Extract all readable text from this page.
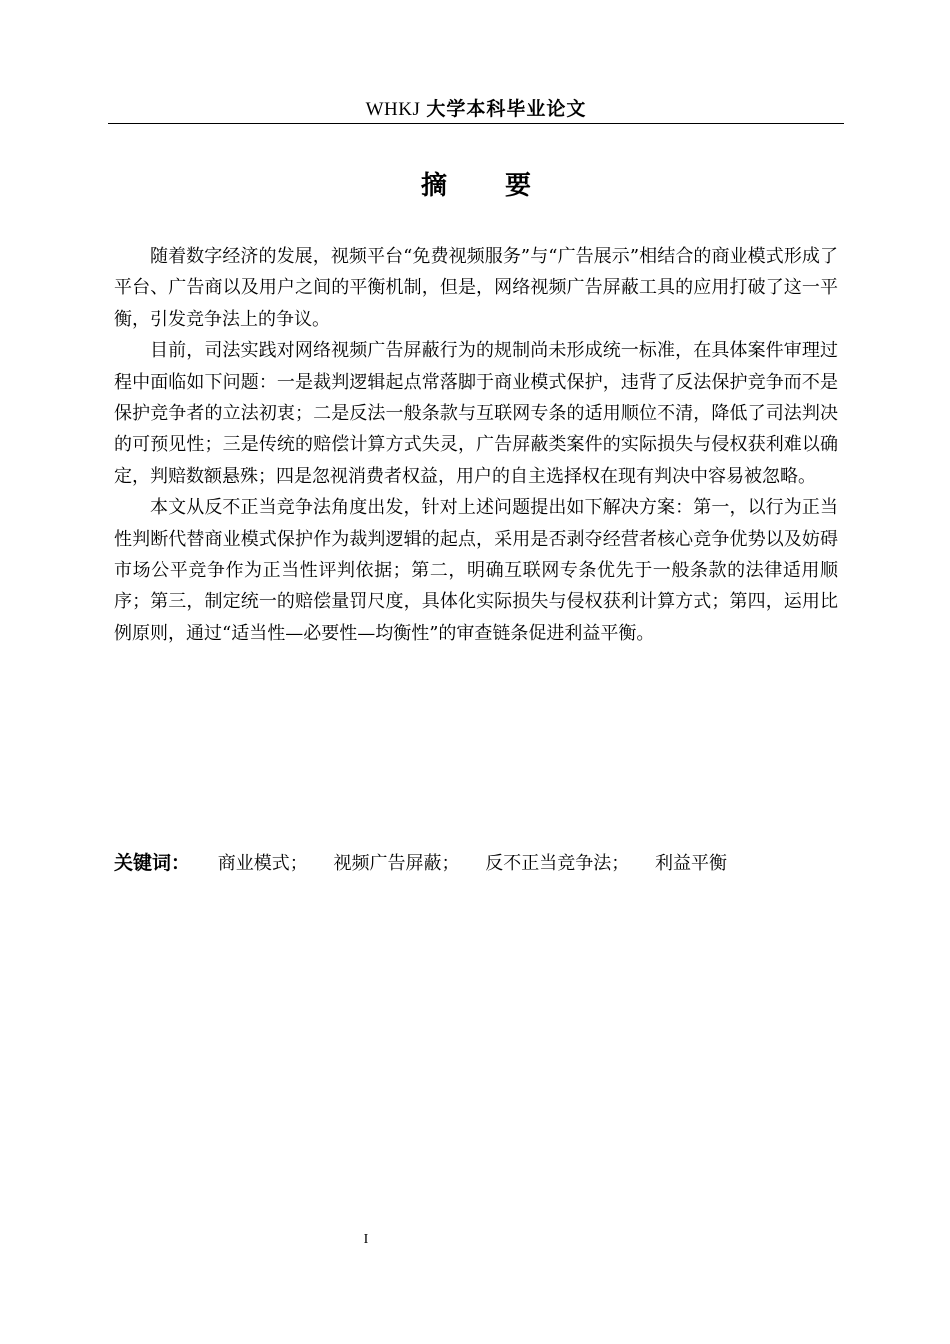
WHKJ 大学本科毕业论文
摘要

随着数字经济的发展，视频平台“免费视频服务”与“广告展示”相结合的商业模式形成了平台、广告商以及用户之间的平衡机制，但是，网络视频广告屏蔽工具的应用打破了这一平衡，引发竞争法上的争议。

目前，司法实践对网络视频广告屏蔽行为的规制尚未形成统一标准，在具体案件审理过程中面临如下问题：一是裁判逻辑起点常落脚于商业模式保护，违背了反法保护竞争而不是保护竞争者的立法初衷；二是反法一般条款与互联网专条的适用顺位不清，降低了司法判决的可预见性；三是传统的赔偿计算方式失灵，广告屏蔽类案件的实际损失与侵权获利难以确定，判赔数额悬殊；四是忽视消费者权益，用户的自主选择权在现有判决中容易被忽略。

本文从反不正当竞争法角度出发，针对上述问题提出如下解决方案：第一，以行为正当性判断代替商业模式保护作为裁判逻辑的起点，采用是否剥夺经营者核心竞争优势以及妨碍市场公平竞争作为正当性评判依据；第二，明确互联网专条优先于一般条款的法律适用顺序；第三，制定统一的赔偿量罚尺度，具体化实际损失与侵权获利计算方式；第四，运用比例原则，通过“适当性—必要性—均衡性”的审查链条促进利益平衡。

关键词： 商业模式； 视频广告屏蔽； 反不正当竞争法； 利益平衡
I
